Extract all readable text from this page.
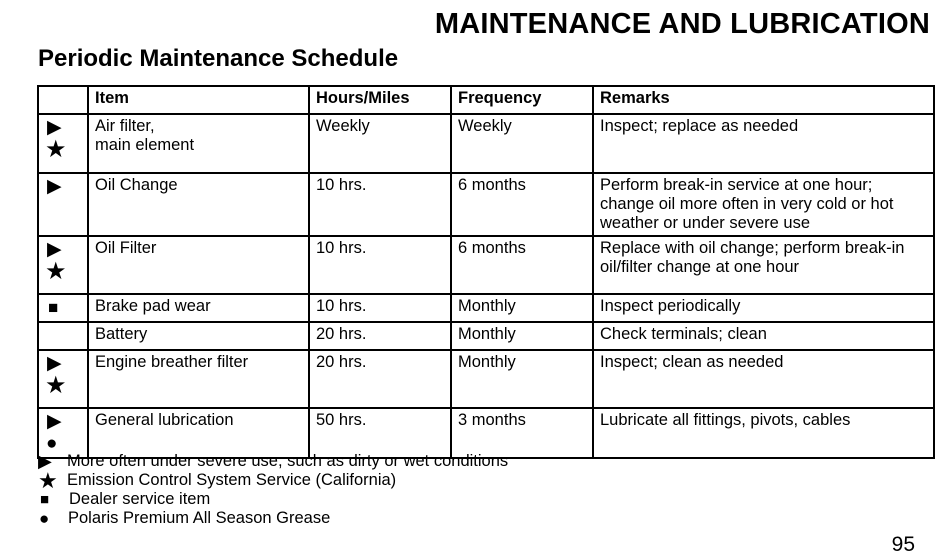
MAINTENANCE AND LUBRICATION
Periodic Maintenance Schedule
	Item	Hours/Miles	Frequency	Remarks

▶
★	Air filter,
main element	Weekly	Weekly	Inspect; replace as needed

▶	Oil Change	10 hrs.	6 months	Perform break-in service at one hour; change oil more often in very cold or hot weather or under severe use

▶
★	Oil Filter	10 hrs.	6 months	Replace with oil change; perform break-in oil/filter change at one hour

■	Brake pad wear	10 hrs.	Monthly	Inspect periodically
	Battery	20 hrs.	Monthly	Check terminals; clean

▶
★	Engine breather filter	20 hrs.	Monthly	Inspect; clean as needed

▶
●	General lubrication	50 hrs.	3 months	Lubricate all fittings, pivots, cables
▶ More often under severe use, such as dirty or wet conditions
★ Emission Control System Service (California)
■	Dealer service item
●	Polaris Premium All Season Grease
95
